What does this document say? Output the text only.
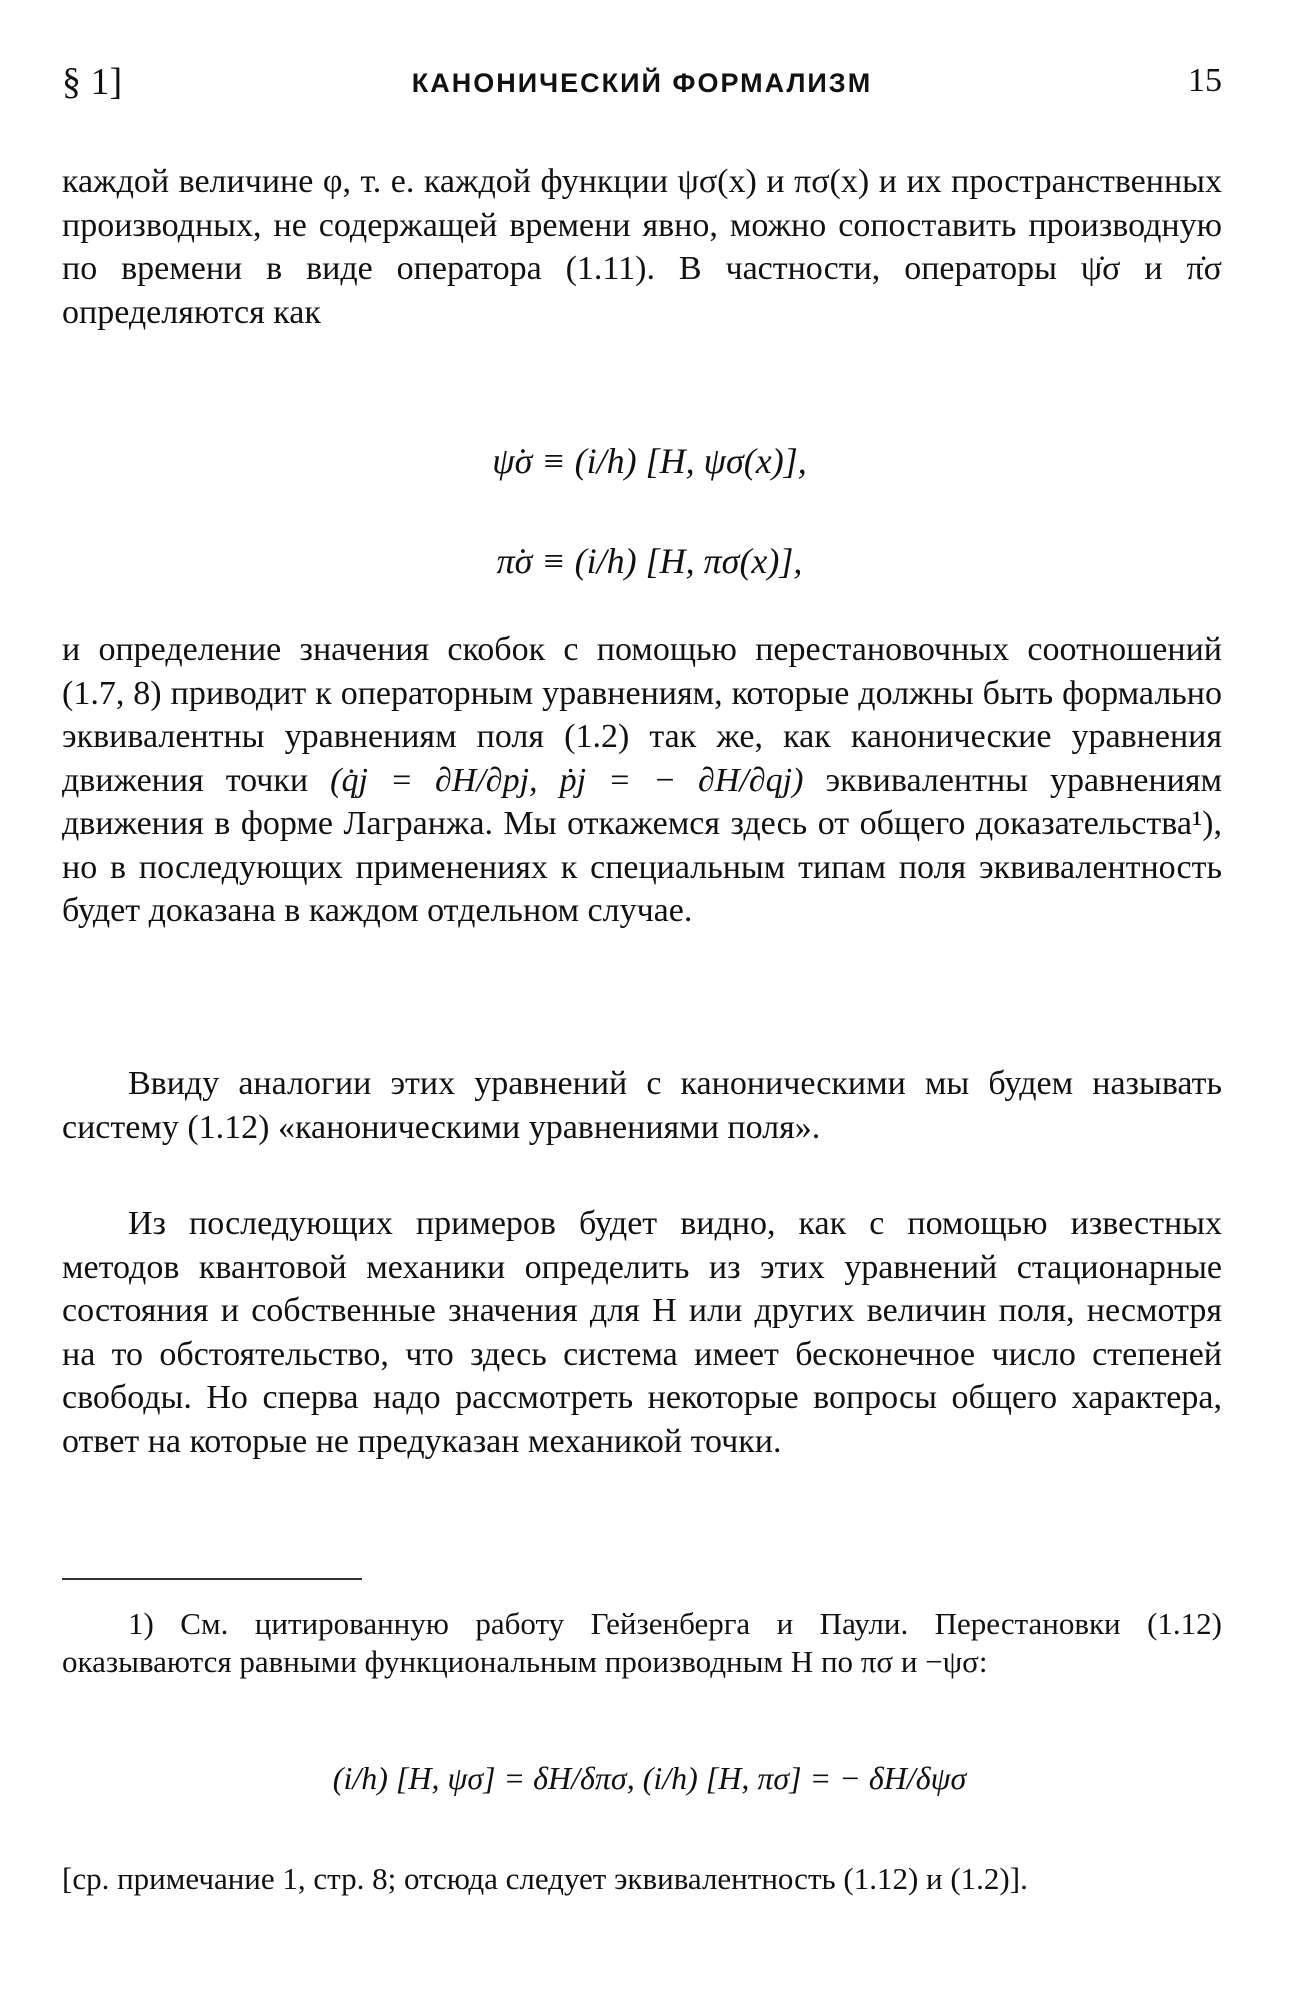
§ 1]	КАНОНИЧЕСКИЙ ФОРМАЛИЗМ	15

каждой величине φ, т. е. каждой функции ψσ(x) и πσ(x) и их пространственных производных, не содержащей времени явно, можно сопоставить производную по времени в виде оператора (1.11). В частности, операторы ψ̇σ и π̇σ определяются как

ψ̇σ ≡ (i/h) [H, ψσ(x)],
π̇σ ≡ (i/h) [H, πσ(x)],

и определение значения скобок с помощью перестановочных соотношений (1.7, 8) приводит к операторным уравнениям, которые должны быть формально эквивалентны уравнениям поля (1.2) так же, как канонические уравнения движения точки (q̇j = ∂H/∂pj, ṗj = − ∂H/∂qj) эквивалентны уравнениям движения в форме Лагранжа. Мы откажемся здесь от общего доказательства¹), но в последующих применениях к специальным типам поля эквивалентность будет доказана в каждом отдельном случае.

Ввиду аналогии этих уравнений с каноническими мы будем называть систему (1.12) «каноническими уравнениями поля».

Из последующих примеров будет видно, как с помощью известных методов квантовой механики определить из этих уравнений стационарные состояния и собственные значения для H или других величин поля, несмотря на то обстоятельство, что здесь система имеет бесконечное число степеней свободы. Но сперва надо рассмотреть некоторые вопросы общего характера, ответ на которые не предуказан механикой точки.

1) См. цитированную работу Гейзенберга и Паули. Перестановки (1.12) оказываются равными функциональным производным H по πσ и −ψσ:

(i/h) [H, ψσ] = δH/δπσ, (i/h) [H, πσ] = − δH/δψσ

[ср. примечание 1, стр. 8; отсюда следует эквивалентность (1.12) и (1.2)].
